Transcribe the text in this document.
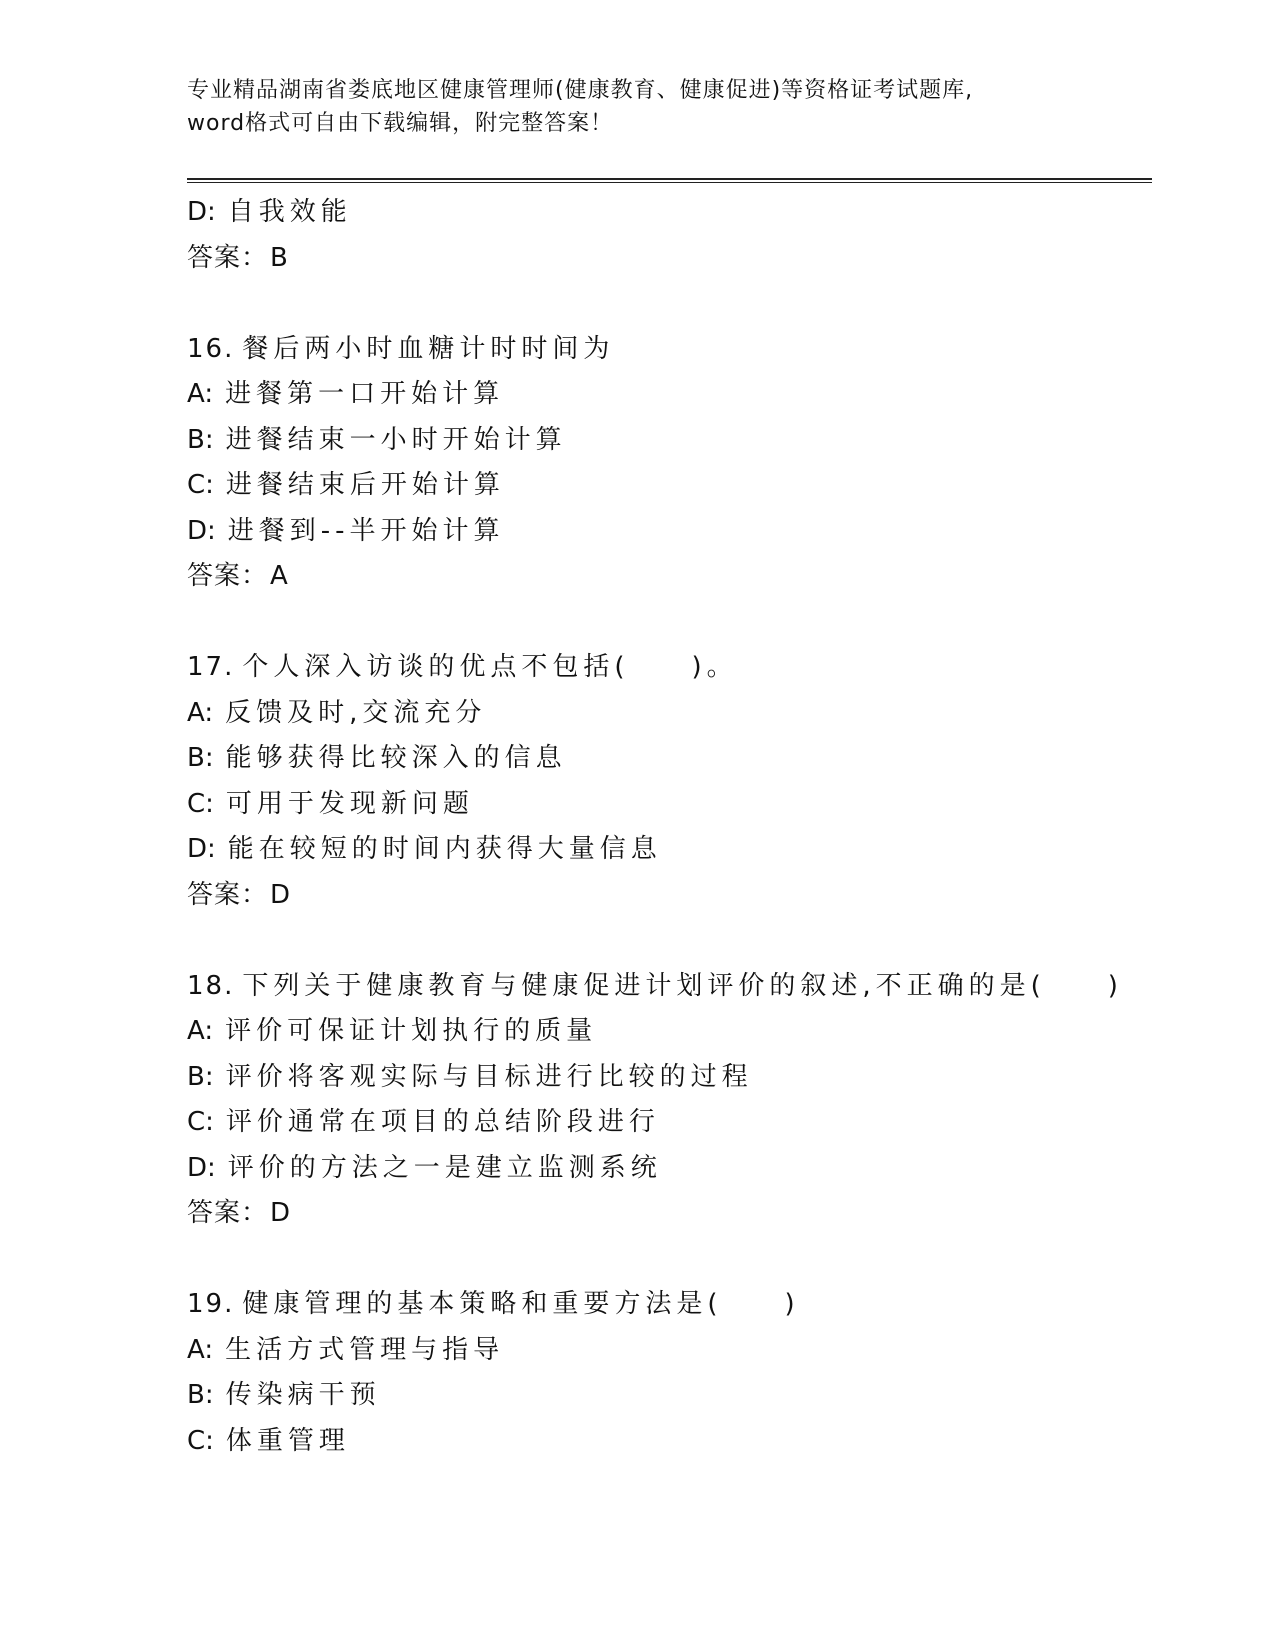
专业精品湖南省娄底地区健康管理师(健康教育、健康促进)等资格证考试题库,
word格式可自由下载编辑，附完整答案！
D: 自我效能
答案：B
16. 餐后两小时血糖计时时间为
A: 进餐第一口开始计算
B: 进餐结束一小时开始计算
C: 进餐结束后开始计算
D: 进餐到--半开始计算
答案：A
17. 个人深入访谈的优点不包括(　　)。
A: 反馈及时,交流充分
B: 能够获得比较深入的信息
C: 可用于发现新问题
D: 能在较短的时间内获得大量信息
答案：D
18. 下列关于健康教育与健康促进计划评价的叙述,不正确的是(　　)
A: 评价可保证计划执行的质量
B: 评价将客观实际与目标进行比较的过程
C: 评价通常在项目的总结阶段进行
D: 评价的方法之一是建立监测系统
答案：D
19. 健康管理的基本策略和重要方法是(　　)
A: 生活方式管理与指导
B: 传染病干预
C: 体重管理
